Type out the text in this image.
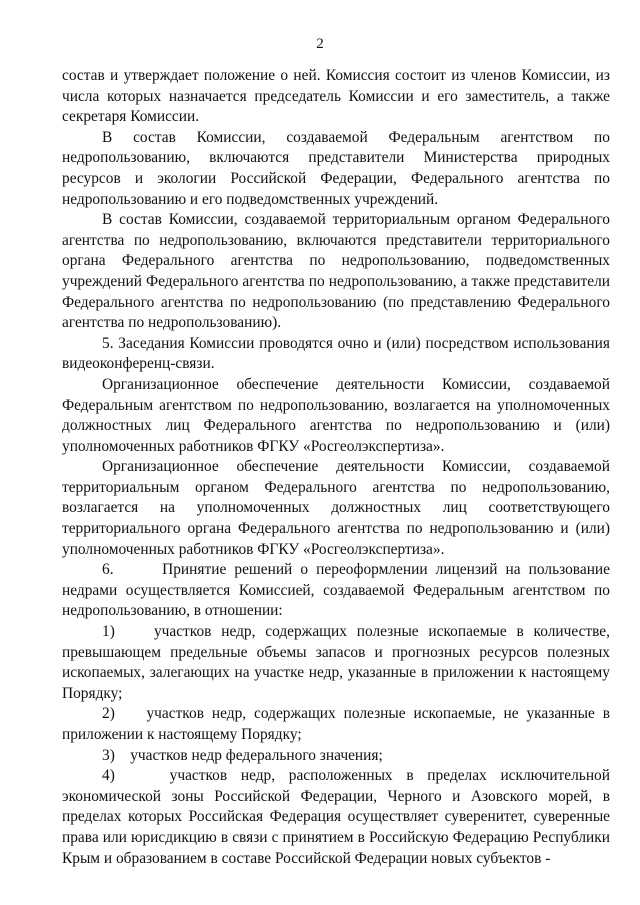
2

состав и утверждает положение о ней. Комиссия состоит из членов Комиссии, из числа которых назначается председатель Комиссии и его заместитель, а также секретаря Комиссии.

В состав Комиссии, создаваемой Федеральным агентством по недропользованию, включаются представители Министерства природных ресурсов и экологии Российской Федерации, Федерального агентства по недропользованию и его подведомственных учреждений.

В состав Комиссии, создаваемой территориальным органом Федерального агентства по недропользованию, включаются представители территориального органа Федерального агентства по недропользованию, подведомственных учреждений Федерального агентства по недропользованию, а также представители Федерального агентства по недропользованию (по представлению Федерального агентства по недропользованию).

5. Заседания Комиссии проводятся очно и (или) посредством использования видеоконференц-связи.

Организационное обеспечение деятельности Комиссии, создаваемой Федеральным агентством по недропользованию, возлагается на уполномоченных должностных лиц Федерального агентства по недропользованию и (или) уполномоченных работников ФГКУ «Росгеолэкспертиза».

Организационное обеспечение деятельности Комиссии, создаваемой территориальным органом Федерального агентства по недропользованию, возлагается на уполномоченных должностных лиц соответствующего территориального органа Федерального агентства по недропользованию и (или) уполномоченных работников ФГКУ «Росгеолэкспертиза».

6.      Принятие решений о переоформлении лицензий на пользование недрами осуществляется Комиссией, создаваемой Федеральным агентством по недропользованию, в отношении:

1)    участков недр, содержащих полезные ископаемые в количестве, превышающем предельные объемы запасов и прогнозных ресурсов полезных ископаемых, залегающих на участке недр, указанные в приложении к настоящему Порядку;

2)    участков недр, содержащих полезные ископаемые, не указанные в приложении к настоящему Порядку;

3)    участков недр федерального значения;

4)    участков недр, расположенных в пределах исключительной экономической зоны Российской Федерации, Черного и Азовского морей, в пределах которых Российская Федерация осуществляет суверенитет, суверенные права или юрисдикцию в связи с принятием в Российскую Федерацию Республики Крым и образованием в составе Российской Федерации новых субъектов -
